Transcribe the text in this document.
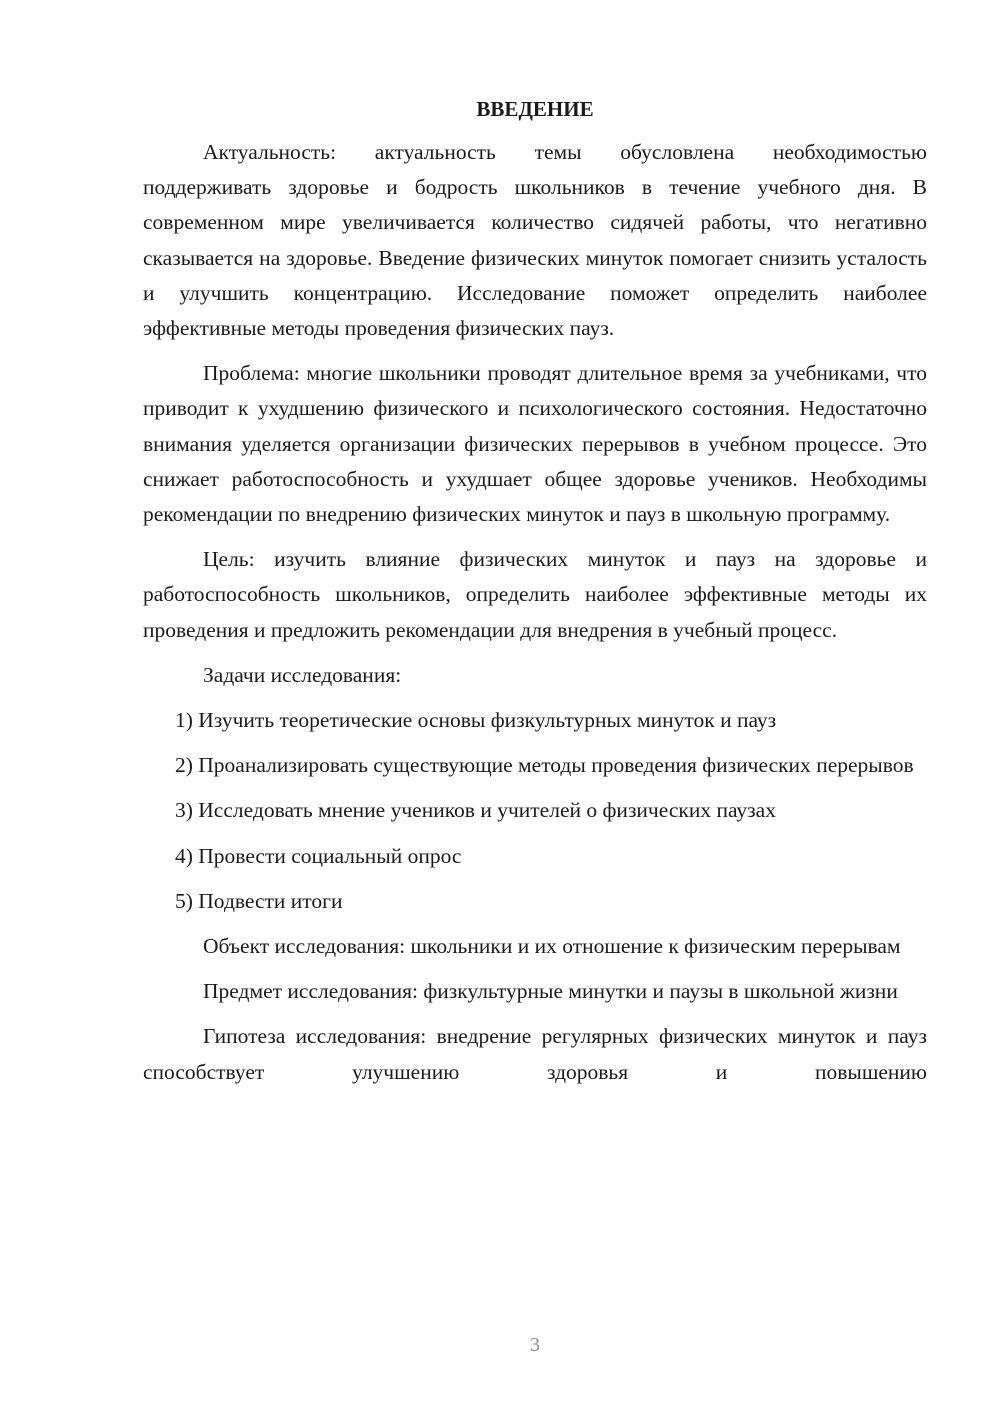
ВВЕДЕНИЕ

Актуальность: актуальность темы обусловлена необходимостью поддерживать здоровье и бодрость школьников в течение учебного дня. В современном мире увеличивается количество сидячей работы, что негативно сказывается на здоровье. Введение физических минуток помогает снизить усталость и улучшить концентрацию. Исследование поможет определить наиболее эффективные методы проведения физических пауз.

Проблема: многие школьники проводят длительное время за учебниками, что приводит к ухудшению физического и психологического состояния. Недостаточно внимания уделяется организации физических перерывов в учебном процессе. Это снижает работоспособность и ухудшает общее здоровье учеников. Необходимы рекомендации по внедрению физических минуток и пауз в школьную программу.

Цель: изучить влияние физических минуток и пауз на здоровье и работоспособность школьников, определить наиболее эффективные методы их проведения и предложить рекомендации для внедрения в учебный процесс.

Задачи исследования:

1) Изучить теоретические основы физкультурных минуток и пауз

2) Проанализировать существующие методы проведения физических перерывов

3) Исследовать мнение учеников и учителей о физических паузах

4) Провести социальный опрос

5) Подвести итоги

Объект исследования: школьники и их отношение к физическим перерывам

Предмет исследования: физкультурные минутки и паузы в школьной жизни

Гипотеза исследования: внедрение регулярных физических минуток и пауз способствует улучшению здоровья и повышению

3
